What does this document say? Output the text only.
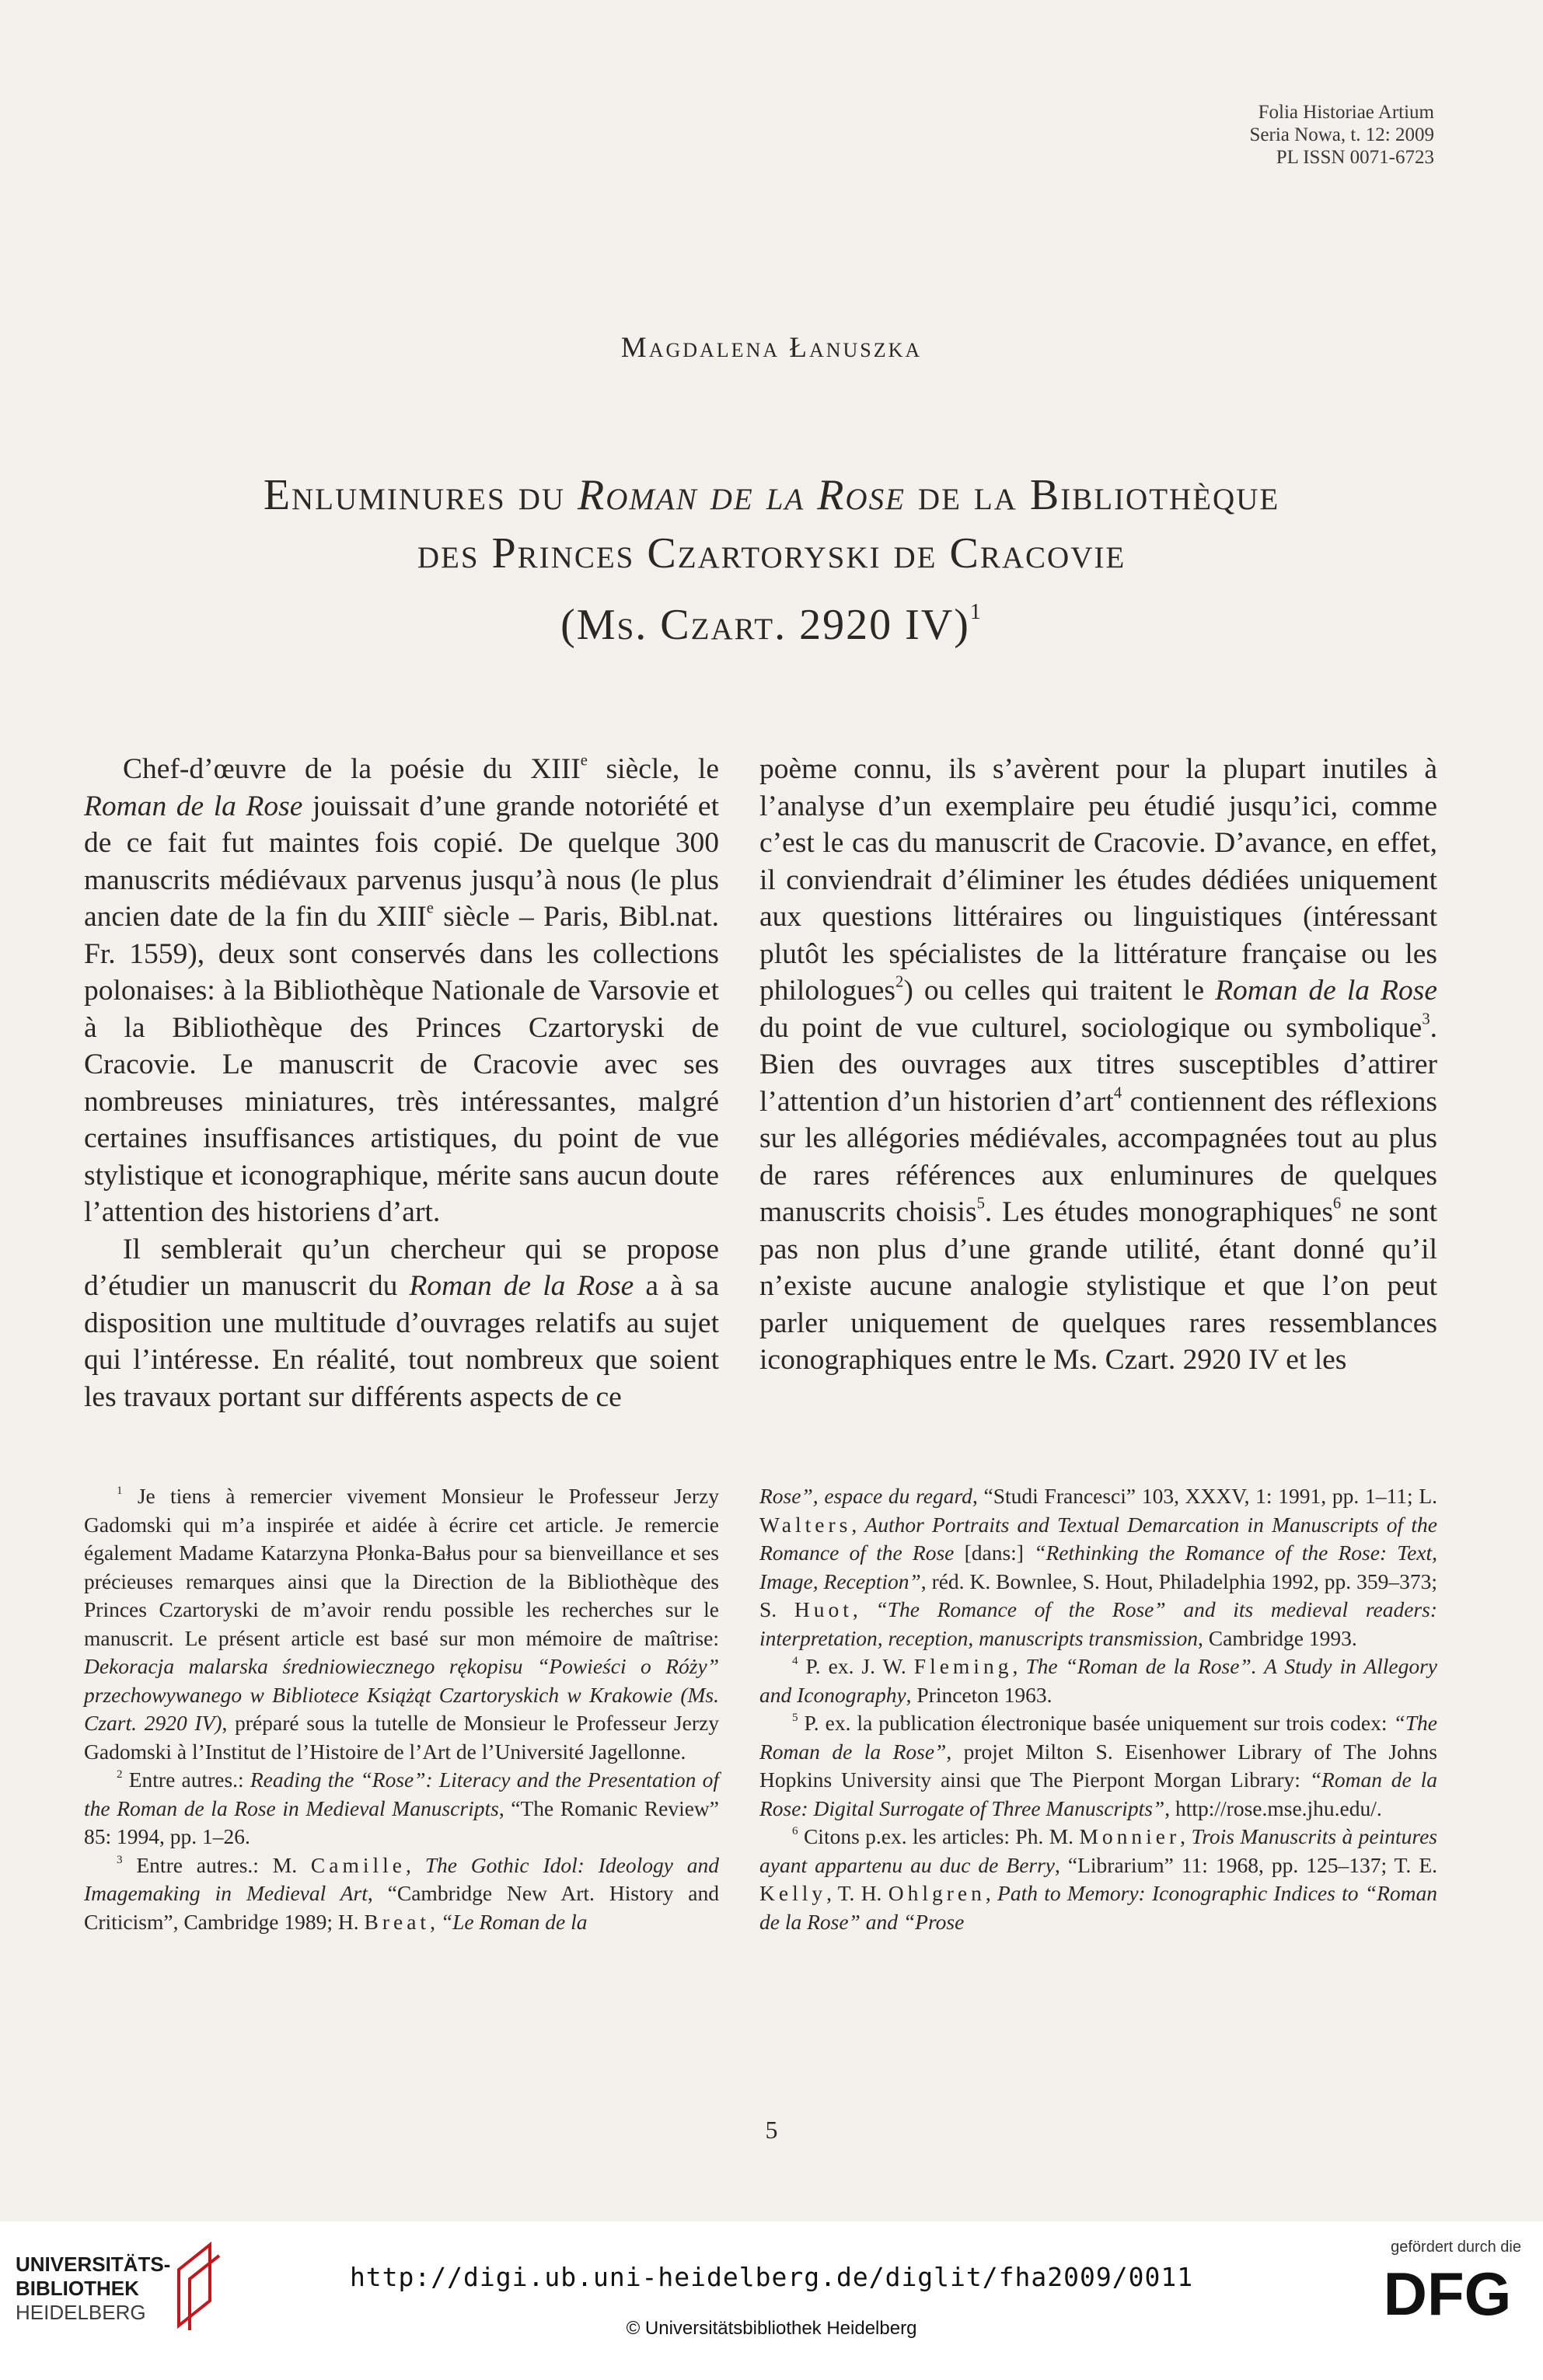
Folia Historiae Artium
Seria Nowa, t. 12: 2009
PL ISSN 0071-6723
Magdalena Łanuszka
Enluminures du Roman de la Rose de la Bibliothèque
des Princes Czartoryski de Cracovie
(Ms. Czart. 2920 IV)$^1$

Chef-d’œuvre de la poésie du XIIIe siècle, le Roman de la Rose jouissait d’une grande notoriété et de ce fait fut maintes fois copié. De quelque 300 manuscrits médiévaux parvenus jusqu’à nous (le plus ancien date de la fin du XIIIe siècle – Paris, Bibl.nat. Fr. 1559), deux sont conservés dans les collections polonaises: à la Bibliothèque Nationale de Varsovie et à la Bibliothèque des Princes Czartoryski de Cracovie. Le manuscrit de Cracovie avec ses nombreuses miniatures, très intéressantes, malgré certaines insuffisances artistiques, du point de vue stylistique et iconographique, mérite sans aucun doute l’attention des historiens d’art.

Il semblerait qu’un chercheur qui se propose d’étudier un manuscrit du Roman de la Rose a à sa disposition une multitude d’ouvrages relatifs au sujet qui l’intéresse. En réalité, tout nombreux que soient les travaux portant sur différents aspects de ce

poème connu, ils s’avèrent pour la plupart inutiles à l’analyse d’un exemplaire peu étudié jusqu’ici, comme c’est le cas du manuscrit de Cracovie. D’avance, en effet, il conviendrait d’éliminer les études dédiées uniquement aux questions littéraires ou linguistiques (intéressant plutôt les spécialistes de la littérature française ou les philologues$^2$) ou celles qui traitent le Roman de la Rose du point de vue culturel, sociologique ou symbolique$^3$. Bien des ouvrages aux titres susceptibles d’attirer l’attention d’un historien d’art$^4$ contiennent des réflexions sur les allégories médiévales, accompagnées tout au plus de rares références aux enluminures de quelques manuscrits choisis$^5$. Les études monographiques$^6$ ne sont pas non plus d’une grande utilité, étant donné qu’il n’existe aucune analogie stylistique et que l’on peut parler uniquement de quelques rares ressemblances iconographiques entre le Ms. Czart. 2920 IV et les

$^1$ Je tiens à remercier vivement Monsieur le Professeur Jerzy Gadomski qui m’a inspirée et aidée à écrire cet article. Je remercie également Madame Katarzyna Płonka-Bałus pour sa bienveillance et ses précieuses remarques ainsi que la Direction de la Bibliothèque des Princes Czartoryski de m’avoir rendu possible les recherches sur le manuscrit. Le présent article est basé sur mon mémoire de maîtrise: Dekoracja malarska średniowiecznego rękopisu “Powieści o Róży” przechowywanego w Bibliotece Książąt Czartoryskich w Krakowie (Ms. Czart. 2920 IV), préparé sous la tutelle de Monsieur le Professeur Jerzy Gadomski à l’Institut de l’Histoire de l’Art de l’Université Jagellonne.

$^2$ Entre autres.: Reading the “Rose”: Literacy and the Presentation of the Roman de la Rose in Medieval Manuscripts, “The Romanic Review” 85: 1994, pp. 1–26.

$^3$ Entre autres.: M. Camille, The Gothic Idol: Ideology and Imagemaking in Medieval Art, “Cambridge New Art. History and Criticism”, Cambridge 1989; H. Breat, “Le Roman de la

Rose”, espace du regard, “Studi Francesci” 103, XXXV, 1: 1991, pp. 1–11; L. Walters, Author Portraits and Textual Demarcation in Manuscripts of the Romance of the Rose [dans:] “Rethinking the Romance of the Rose: Text, Image, Reception”, réd. K. Bownlee, S. Hout, Philadelphia 1992, pp. 359–373; S. Huot, “The Romance of the Rose” and its medieval readers: interpretation, reception, manuscripts transmission, Cambridge 1993.

$^4$ P. ex. J. W. Fleming, The “Roman de la Rose”. A Study in Allegory and Iconography, Princeton 1963.

$^5$ P. ex. la publication électronique basée uniquement sur trois codex: “The Roman de la Rose”, projet Milton S. Eisenhower Library of The Johns Hopkins University ainsi que The Pierpont Morgan Library: “Roman de la Rose: Digital Surrogate of Three Manuscripts”, http://rose.mse.jhu.edu/.

$^6$ Citons p.ex. les articles: Ph. M. Monnier, Trois Manuscrits à peintures ayant appartenu au duc de Berry, “Librarium” 11: 1968, pp. 125–137; T. E. Kelly, T. H. Ohlgren, Path to Memory: Iconographic Indices to “Roman de la Rose” and “Prose

5
UNIVERSITÄTS-
BIBLIOTHEK
HEIDELBERG
http://digi.ub.uni-heidelberg.de/diglit/fha2009/0011
© Universitätsbibliothek Heidelberg
gefördert durch die
DFG
